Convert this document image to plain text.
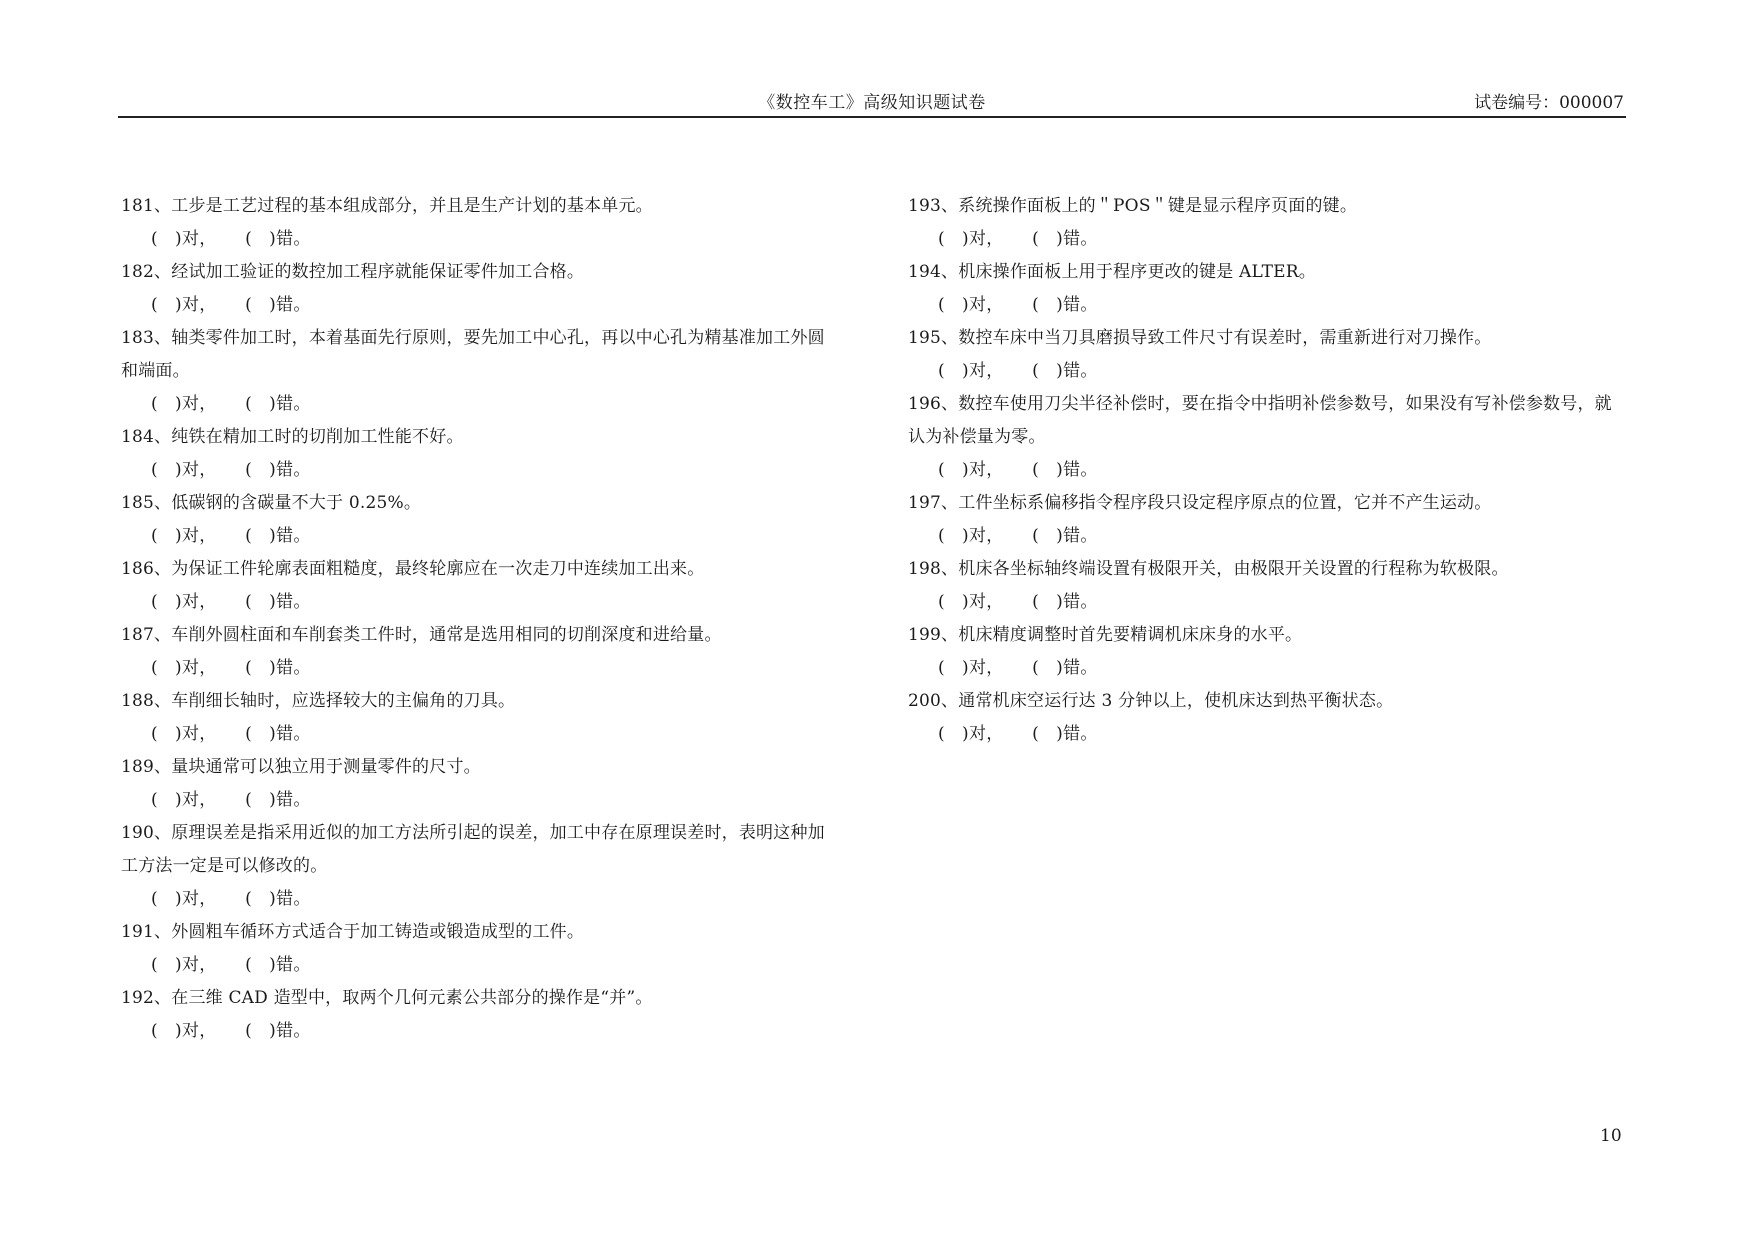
《数控车工》高级知识题试卷	试卷编号：000007
181、工步是工艺过程的基本组成部分，并且是生产计划的基本单元。
(   )对，     (   )错。
182、经试加工验证的数控加工程序就能保证零件加工合格。
(   )对，     (   )错。
183、轴类零件加工时，本着基面先行原则，要先加工中心孔，再以中心孔为精基准加工外圆和端面。
(   )对，     (   )错。
184、纯铁在精加工时的切削加工性能不好。
(   )对，     (   )错。
185、低碳钢的含碳量不大于 0.25%。
(   )对，     (   )错。
186、为保证工件轮廓表面粗糙度，最终轮廓应在一次走刀中连续加工出来。
(   )对，     (   )错。
187、车削外圆柱面和车削套类工件时，通常是选用相同的切削深度和进给量。
(   )对，     (   )错。
188、车削细长轴时，应选择较大的主偏角的刀具。
(   )对，     (   )错。
189、量块通常可以独立用于测量零件的尺寸。
(   )对，     (   )错。
190、原理误差是指采用近似的加工方法所引起的误差，加工中存在原理误差时，表明这种加工方法一定是可以修改的。
(   )对，     (   )错。
191、外圆粗车循环方式适合于加工铸造或锻造成型的工件。
(   )对，     (   )错。
192、在三维 CAD 造型中，取两个几何元素公共部分的操作是“并”。
(   )对，     (   )错。
193、系统操作面板上的＂POS＂键是显示程序页面的键。
(   )对，     (   )错。
194、机床操作面板上用于程序更改的键是 ALTER。
(   )对，     (   )错。
195、数控车床中当刀具磨损导致工件尺寸有误差时，需重新进行对刀操作。
(   )对，     (   )错。
196、数控车使用刀尖半径补偿时，要在指令中指明补偿参数号，如果没有写补偿参数号，就认为补偿量为零。
(   )对，     (   )错。
197、工件坐标系偏移指令程序段只设定程序原点的位置，它并不产生运动。
(   )对，     (   )错。
198、机床各坐标轴终端设置有极限开关，由极限开关设置的行程称为软极限。
(   )对，     (   )错。
199、机床精度调整时首先要精调机床床身的水平。
(   )对，     (   )错。
200、通常机床空运行达 3 分钟以上，使机床达到热平衡状态。
(   )对，     (   )错。
10
